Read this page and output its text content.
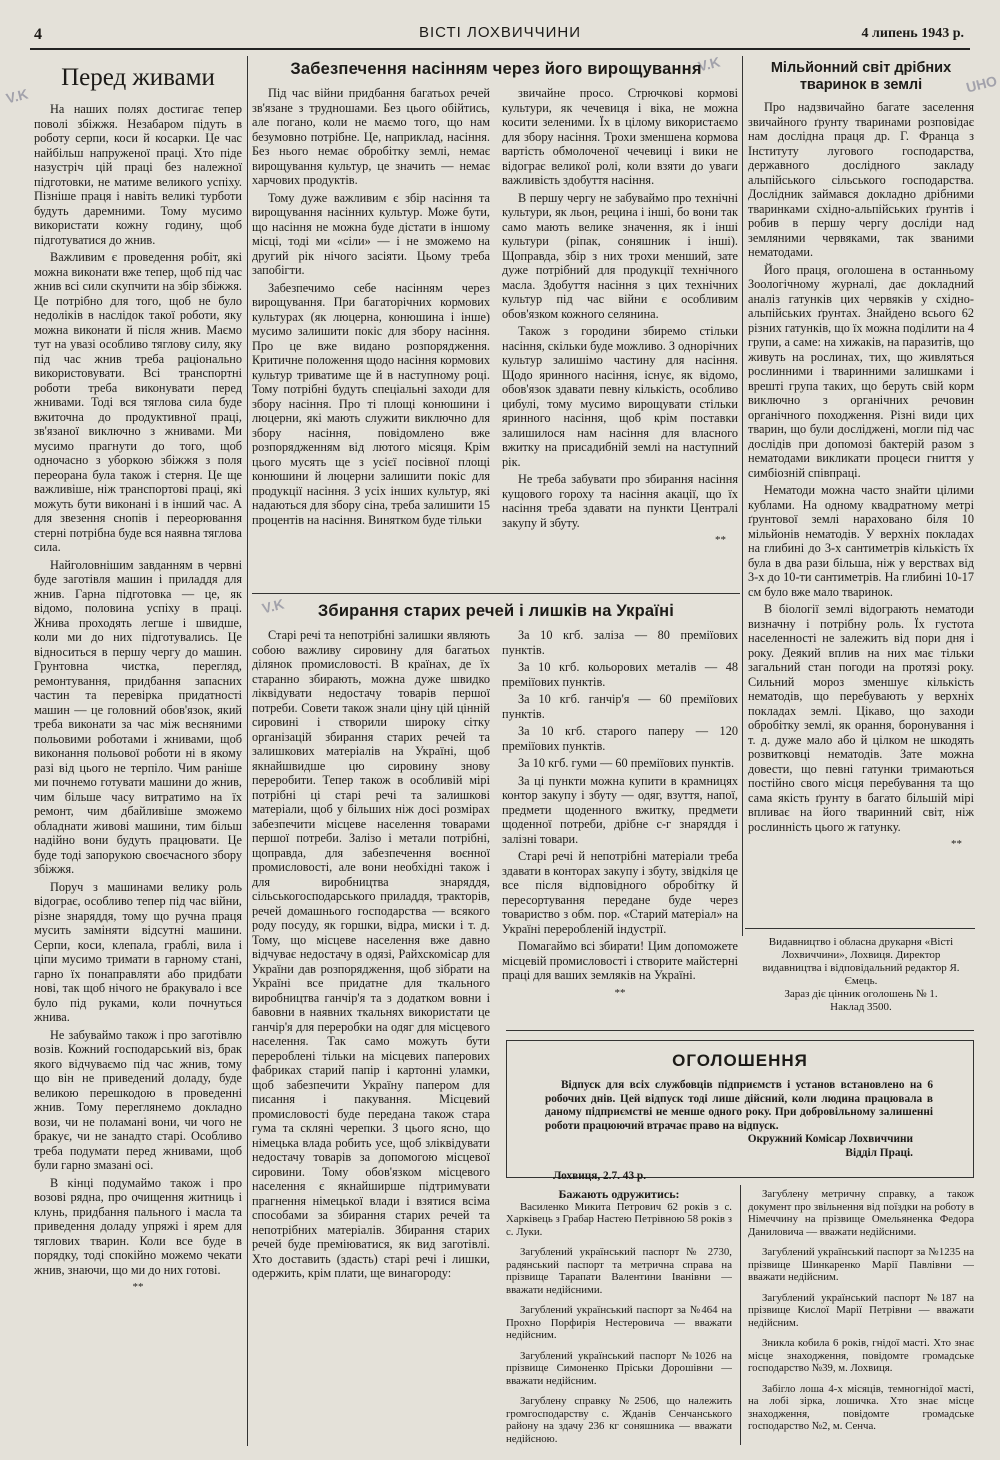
4	ВІСТІ ЛОХВИЧЧИНИ	4 липень 1943 р.
V.K
V.K
V.K
UHO
Перед живами

На наших полях достигає тепер поволі збіжжя. Незабаром підуть в роботу серпи, коси й косарки. Це час найбільш напруженої праці. Хто піде назустріч цій праці без належної підготовки, не матиме великого успіху. Пізніше праця і навіть великі турботи будуть даремними. Тому мусимо використати кожну годину, щоб підготуватися до жнив.

Важливим є проведення робіт, які можна виконати вже тепер, щоб під час жнив всі сили скупчити на збір збіжжя. Це потрібно для того, щоб не було недоліків в наслідок такої роботи, яку можна виконати й після жнив. Маємо тут на увазі особливо тяглову силу, яку під час жнив треба раціонально використовувати. Всі транспортні роботи треба виконувати перед жнивами. Тоді вся тяглова сила буде вжиточна до продуктивної праці, зв'язаної виключно з жнивами. Ми мусимо прагнути до того, щоб одночасно з уборкою збіжжя з поля переорана була також і стерня. Це ще важливіше, ніж транспортові праці, які можуть бути виконані і в інший час. А для звезення снопів і переорювання стерні потрібна буде вся наявна тяглова сила.

Найголовнішим завданням в червні буде заготівля машин і приладдя для жнив. Гарна підготовка — це, як відомо, половина успіху в праці. Жнива проходять легше і швидше, коли ми до них підготувались. Це відноситься в першу чергу до машин. Грунтовна чистка, перегляд, ремонтування, придбання запасних частин та перевірка придатності машин — це головний обов'язок, який треба виконати за час між весняними польовими роботами і жнивами, щоб виконання польової роботи ні в якому разі від цього не терпіло. Чим раніше ми почнемо готувати машини до жнив, чим більше часу витратимо на їх ремонт, чим дбайливіше зможемо обладнати живові машини, тим більш надійно вони будуть працювати. Це буде тоді запорукою своєчасного збору збіжжя.

Поруч з машинами велику роль відограє, особливо тепер під час війни, різне знаряддя, тому що ручна праця мусить заміняти відсутні машини. Серпи, коси, клепала, граблі, вила і ціпи мусимо тримати в гарному стані, гарно їх понаправляти або придбати нові, так щоб нічого не бракувало і все було під руками, коли почнуться жнива.

Не забуваймо також і про заготівлю возів. Кожний господарський віз, брак якого відчуваємо під час жнив, тому що він не приведений доладу, буде великою перешкодою в проведенні жнив. Тому переглянемо докладно вози, чи не поламані вони, чи чого не бракує, чи не занадто старі. Особливо треба подумати перед жнивами, щоб були гарно змазані осі.

В кінці подумаймо також і про возові рядна, про очищення житниць і клунь, придбання пального і масла та приведення доладу упряжі і ярем для тяглових тварин. Коли все буде в порядку, тоді спокійно можемо чекати жнив, знаючи, що ми до них готові.

**
Забезпечення насінням через його вирощування

Під час війни придбання багатьох речей зв'язане з трудношами. Без цього обійтись, але погано, коли не маємо того, що нам безумовно потрібне. Це, наприклад, насіння. Без нього немає обробітку землі, немає вирощування культур, це значить — немає харчових продуктів.

Тому дуже важливим є збір насіння та вирощування насінних культур. Може бути, що насіння не можна буде дістати в іншому місці, тоді ми «сіли» — і не зможемо на другий рік нічого засіяти. Цьому треба запобігти.

Забезпечимо себе насінням через вирощування. При багаторічних кормових культурах (як люцерна, конюшина і інше) мусимо залишити покіс для збору насіння. Про це вже видано розпорядження. Критичне положення щодо насіння кормових культур триватиме ще й в наступному році. Тому потрібні будуть спеціальні заходи для збору насіння. Про ті площі конюшини і люцерни, які мають служити виключно для збору насіння, повідомлено вже розпорядженням від лютого місяця. Крім цього мусять ще з усієї посівної площі конюшини й люцерни залишити покіс для продукції насіння. З усіх інших культур, які надаються для збору сіна, треба залишити 15 процентів на насіння. Винятком буде тільки

звичайне просо. Стрючкові кормові культури, як чечевиця і віка, не можна косити зеленими. Їх в цілому використаємо для збору насіння. Трохи зменшена кормова вартість обмолоченої чечевиці і вики не відограє великої ролі, коли взяти до уваги важливість здобуття насіння.

В першу чергу не забуваймо про технічні культури, як льон, рецина і інші, бо вони так само мають велике значення, як і інші культури (ріпак, соняшник і інші). Щоправда, збір з них трохи менший, зате дуже потрібний для продукції технічного масла. Здобуття насіння з цих технічних культур під час війни є особливим обов'язком кожного селянина.

Також з городини збиремо стільки насіння, скільки буде можливо. З однорічних культур залишімо частину для насіння. Щодо яринного насіння, існує, як відомо, обов'язок здавати певну кількість, особливо цибулі, тому мусимо вирощувати стільки яринного насіння, щоб крім поставки залишилося нам насіння для власного вжитку на присадибній землі на наступний рік.

Не треба забувати про збирання насіння кущового гороху та насіння акації, що їх насіння треба здавати на пункти Централі закупу й збуту.

**
Збирання старих речей і лишків на Україні

Старі речі та непотрібні залишки являють собою важливу сировину для багатьох ділянок промисловості. В країнах, де їх старанно збирають, можна дуже швидко ліквідувати недостачу товарів першої потреби. Совети також знали ціну цій цінній сировині і створили широку сітку організацій збирання старих речей та залишкових матеріалів на Україні, щоб якнайшвидше цю сировину знову переробити. Тепер також в особливій мірі потрібні ці старі речі та залишкові матеріали, щоб у більших ніж досі розмірах забезпечити місцеве населення товарами першої потреби. Залізо і метали потрібні, щоправда, для забезпечення воєнної промисловості, але вони необхідні також і для виробництва знаряддя, сільськогосподарського приладдя, тракторів, речей домашнього господарства — всякого роду посуду, як горшки, відра, миски і т. д. Тому, що місцеве населення вже давно відчуває недостачу в одязі, Райхскомісар для України дав розпорядження, щоб зібрати на Україні все придатне для ткального виробництва ганчір'я та з додатком вовни і бавовни в наявних ткальнях використати це ганчір'я для переробки на одяг для місцевого населення. Так само можуть бути перероблені тільки на місцевих паперових фабриках старий папір і картонні уламки, щоб забезпечити Україну папером для писання і пакування. Місцевий промисловості буде передана також стара гума та скляні черепки. З цього ясно, що німецька влада робить усе, щоб зліквідувати недостачу товарів за допомогою місцевої сировини. Тому обов'язком місцевого населення є якнайширше підтримувати прагнення німецької влади і взятися всіма способами за збирання старих речей та непотрібних матеріалів. Збирання старих речей буде преміюватися, як вид заготівлі. Хто доставить (здасть) старі речі і лишки, одержить, крім плати, ще винагороду:

За 10 кгб. заліза — 80 преміїових пунктів.

За 10 кгб. кольорових металів — 48 преміїових пунктів.

За 10 кгб. ганчір'я — 60 преміїових пунктів.

За 10 кгб. старого паперу — 120 преміїових пунктів.

За 10 кгб. гуми — 60 преміїових пунктів.

За ці пункти можна купити в крамницях контор закупу і збуту — одяг, взуття, напої, предмети щоденного вжитку, предмети щоденної потреби, дрібне с-г знаряддя і залізні товари.

Старі речі й непотрібні матеріали треба здавати в конторах закупу і збуту, звідкіля це все після відповідного обробітку й пересортування передане буде через товариство з обм. пор. «Старий матеріал» на Україні переробленій індустрії.

Помагаймо всі збирати! Цим допоможете місцевій промисловості і створите майстерні праці для ваших земляків на Україні.

**
Мільйонний світ дрібних тваринок в землі

Про надзвичайно багате заселення звичайного ґрунту тваринами розповідає нам дослідна праця др. Г. Франца з Інституту лугового господарства, державного дослідного закладу альпійського сільського господарства. Дослідник займався докладно дрібними тваринками східно-альпійських ґрунтів і робив в першу чергу досліди над земляними червяками, так званими нематодами.

Його праця, оголошена в останньому Зоологічному журналі, дає докладний аналіз гатунків цих червяків у східно-альпійських ґрунтах. Знайдено всього 62 різних гатунків, що їх можна поділити на 4 групи, а саме: на хижаків, на паразитів, що живуть на рослинах, тих, що живляться рослинними і тваринними залишками і врешті група таких, що беруть свій корм виключно з органічних речовин органічного походження. Різні види цих тварин, що були досліджені, могли під час дослідів при допомозі бактерій разом з нематодами викликати процеси гниття у симбіозній співпраці.

Нематоди можна часто знайти цілими кублами. На одному квадратному метрі ґрунтової землі нараховано біля 10 мільйонів нематодів. У верхніх покладах на глибині до 3-х сантиметрів кількість їх була в два рази більша, ніж у верствах від 3-х до 10-ти сантиметрів. На глибині 10-17 см було вже мало тваринок.

В біології землі відограють нематоди визначну і потрібну роль. Їх густота населенності не залежить від пори дня і року. Деякий вплив на них має тільки загальний стан погоди на протязі року. Сильний мороз зменшує кількість нематодів, що перебувають у верхніх покладах землі. Цікаво, що заходи обробітку землі, як орання, боронування і т. д. дуже мало або й цілком не шкодять розвитковці нематодів. Зате можна довести, що певні гатунки тримаються постійно свого місця перебування та що сама якість ґрунту в багато більшій мірі впливає на його тваринний світ, ніж рослинність цього ж гатунку.

**
Видавництво і обласна друкарня «Вісті Лохвиччини», Лохвиця. Директор видавництва і відповідальний редактор Я. Ємець.
Зараз діє цінник оголошень № 1.
Наклад 3500.
ОГОЛОШЕННЯ

Відпуск для всіх службовців підприємств і установ встановлено на 6 робочих днів. Цей відпуск тоді лише дійсний, коли людина працювала в даному підприємстві не менше одного року. При добровільному залишенні роботи працюючий втрачає право на відпуск.

Окружний Комісар Лохвиччини
Відділ Праці.
Лохвиця, 2.7. 43 р.
Бажають одружитись:

Василенко Микита Петрович 62 років з с. Харківець з Грабар Настею Петрівною 58 років з с. Луки.

Загублений український паспорт № 2730, радянський паспорт та метрична справа на прізвище Тарапати Валентини Іванівни — вважати недійсними.

Загублений український паспорт за №464 на Прохно Порфирія Нестеровича — вважати недійсним.

Загублений український паспорт №1026 на прізвище Симоненко Пріськи Дорошівни — вважати недійсним.

Загублену справку №2506, що належить громгосподарству с. Жданів Сенчанського району на здачу 236 кг соняшника — вважати недійсною.

Загублену метричну справку, а також документ про звільнення від поїздки на роботу в Німеччину на прізвище Омельяненка Федора Даниловича — вважати недійсними.

Загублений український паспорт за №1235 на прізвище Шинкаренко Марії Павлівни — вважати недійсним.

Загублений український паспорт №187 на прізвище Кислої Марії Петрівни — вважати недійсним.

Зникла кобила 6 років, гнідої масті. Хто знає місце знаходження, повідомте громадське господарство №39, м. Лохвиця.

Забігло лоша 4-х місяців, темногнідої масті, на лобі зірка, лошичка. Хто знає місце знаходження, повідомте громадське господарство №2, м. Сенча.
